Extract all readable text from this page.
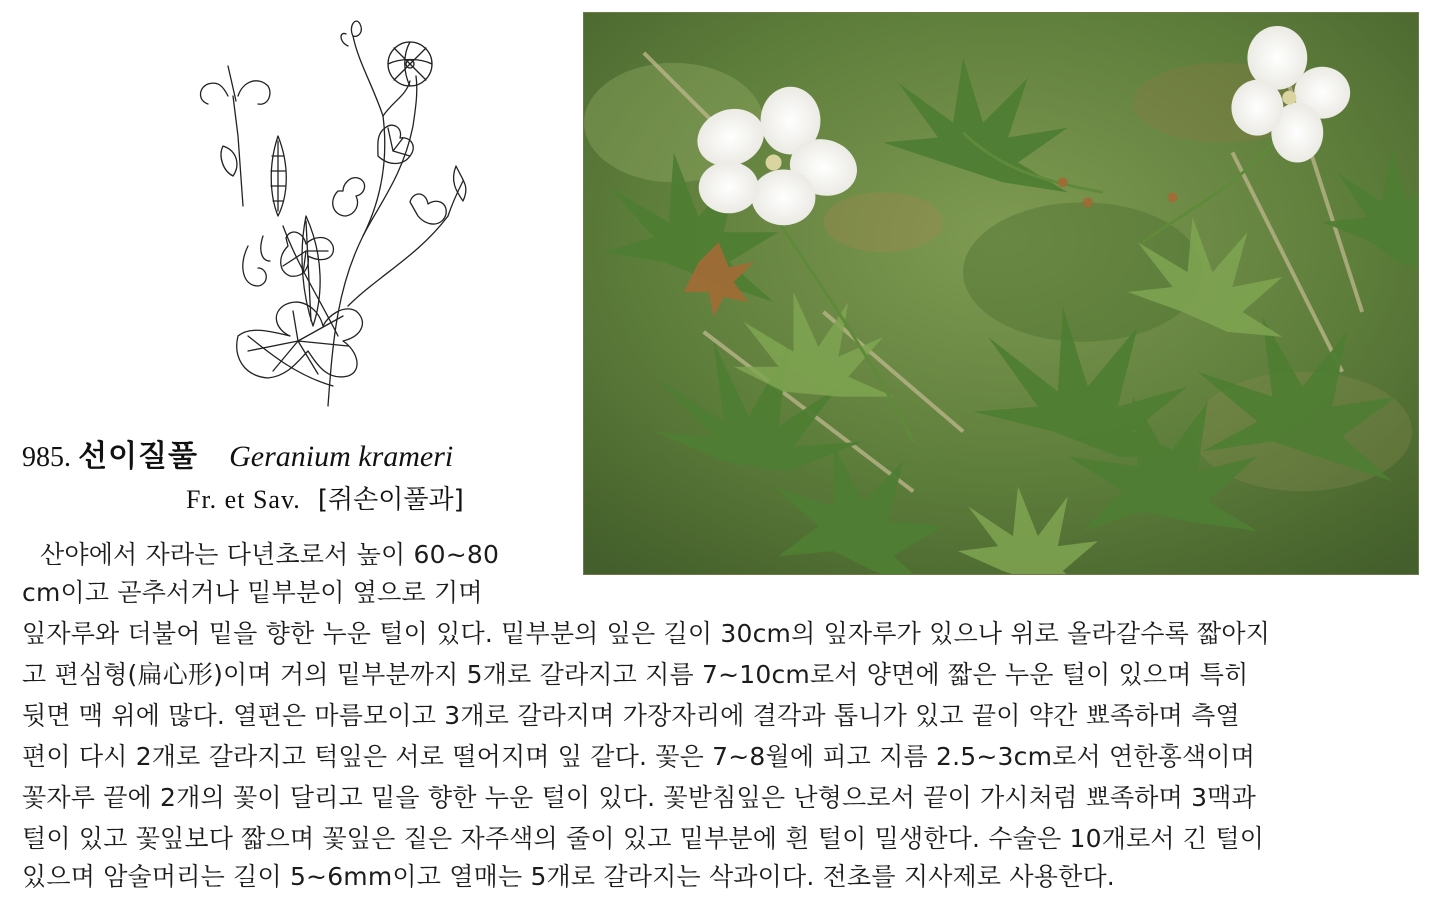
985. 선이질풀 Geranium krameri
Fr. et Sav. [쥐손이풀과]
산야에서 자라는 다년초로서 높이 60~80
cm이고 곧추서거나 밑부분이 옆으로 기며
잎자루와 더불어 밑을 향한 누운 털이 있다. 밑부분의 잎은 길이 30cm의 잎자루가 있으나 위로 올라갈수록 짧아지
고 편심형(扁心形)이며 거의 밑부분까지 5개로 갈라지고 지름 7~10cm로서 양면에 짧은 누운 털이 있으며 특히
뒷면 맥 위에 많다. 열편은 마름모이고 3개로 갈라지며 가장자리에 결각과 톱니가 있고 끝이 약간 뾰족하며 측열
편이 다시 2개로 갈라지고 턱잎은 서로 떨어지며 잎 같다. 꽃은 7~8월에 피고 지름 2.5~3cm로서 연한홍색이며
꽃자루 끝에 2개의 꽃이 달리고 밑을 향한 누운 털이 있다. 꽃받침잎은 난형으로서 끝이 가시처럼 뾰족하며 3맥과
털이 있고 꽃잎보다 짧으며 꽃잎은 짙은 자주색의 줄이 있고 밑부분에 흰 털이 밀생한다. 수술은 10개로서 긴 털이
있으며 암술머리는 길이 5~6mm이고 열매는 5개로 갈라지는 삭과이다. 전초를 지사제로 사용한다.
